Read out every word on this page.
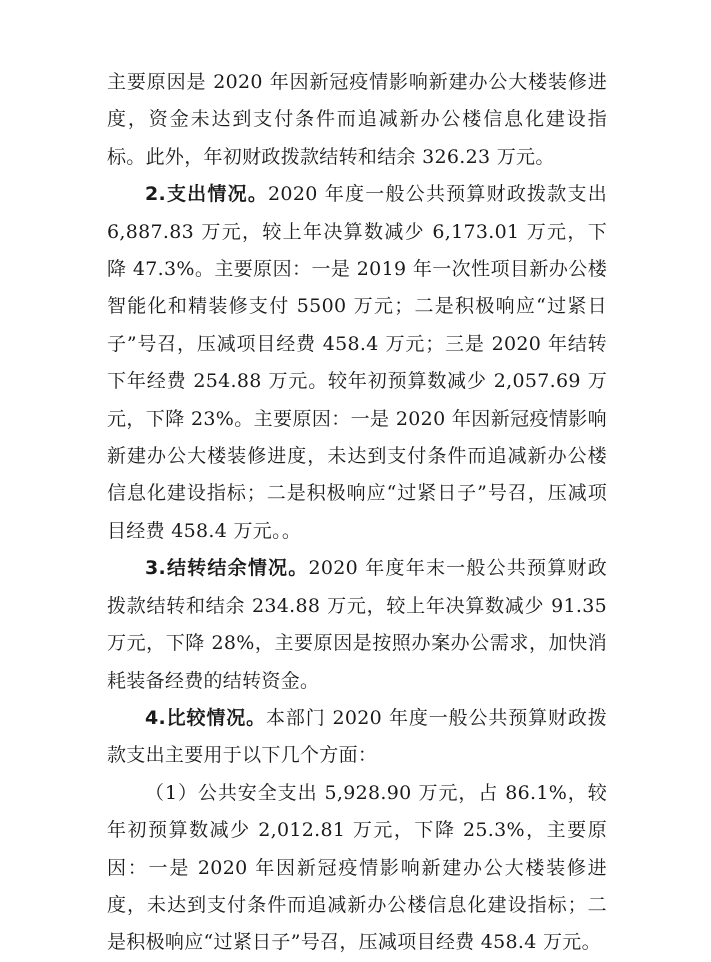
主要原因是 2020 年因新冠疫情影响新建办公大楼装修进度，资金未达到支付条件而追减新办公楼信息化建设指标。此外，年初财政拨款结转和结余 326.23 万元。

2.支出情况。2020 年度一般公共预算财政拨款支出 6,887.83 万元，较上年决算数减少 6,173.01 万元，下降 47.3%。主要原因：一是 2019 年一次性项目新办公楼智能化和精装修支付 5500 万元；二是积极响应“过紧日子”号召，压减项目经费 458.4 万元；三是 2020 年结转下年经费 254.88 万元。较年初预算数减少 2,057.69 万元，下降 23%。主要原因：一是 2020 年因新冠疫情影响新建办公大楼装修进度，未达到支付条件而追减新办公楼信息化建设指标；二是积极响应“过紧日子”号召，压减项目经费 458.4 万元。。

3.结转结余情况。2020 年度年末一般公共预算财政拨款结转和结余 234.88 万元，较上年决算数减少 91.35 万元，下降 28%，主要原因是按照办案办公需求，加快消耗装备经费的结转资金。

4.比较情况。本部门 2020 年度一般公共预算财政拨款支出主要用于以下几个方面：

（1）公共安全支出 5,928.90 万元，占 86.1%，较年初预算数减少 2,012.81 万元，下降 25.3%，主要原因：一是 2020 年因新冠疫情影响新建办公大楼装修进度，未达到支付条件而追减新办公楼信息化建设指标；二是积极响应“过紧日子”号召，压减项目经费 458.4 万元。
